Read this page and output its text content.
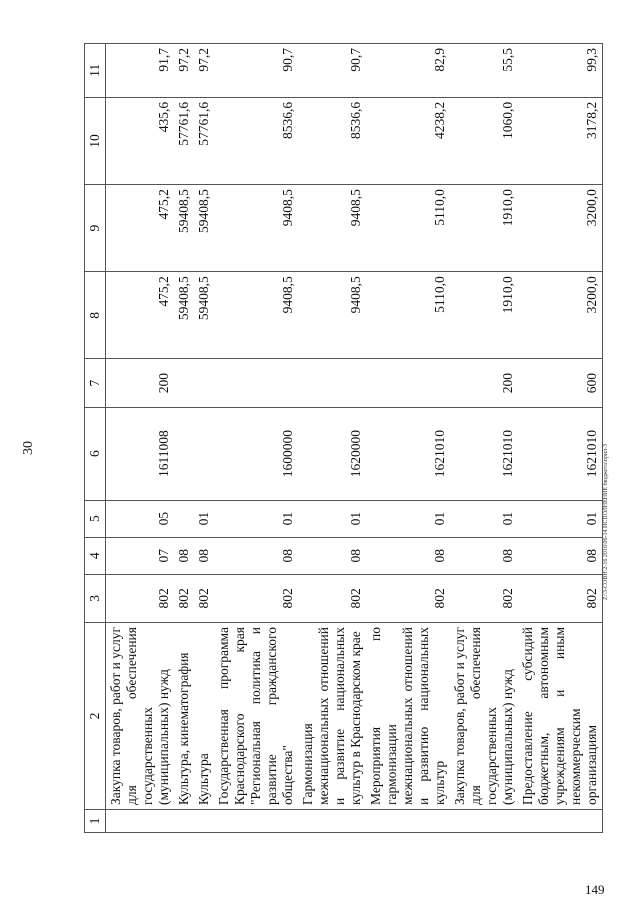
30
149
Z:\3-COBH\2-16 2016\06-14 ИСПОЛНЕНИЕ бюджета\прил-3
1	2	3	4	5	6	7	8	9	10	11
	Закупка товаров, работ и услуг для обеспечения государственных (муниципальных) нужд	802	07	05	1611008	200	475,2	475,2	435,6	91,7
	Культура, кинематография	802	08				59408,5	59408,5	57761,6	97,2
	Культура	802	08	01			59408,5	59408,5	57761,6	97,2
	Государственная программа Краснодарского края "Региональная политика и развитие гражданского общества"	802	08	01	1600000		9408,5	9408,5	8536,6	90,7
	Гармонизация межнациональных отношений и развитие национальных культур в Краснодарском крае	802	08	01	1620000		9408,5	9408,5	8536,6	90,7
	Мероприятия по гармонизации межнациональных отношений и развитию национальных культур	802	08	01	1621010		5110,0	5110,0	4238,2	82,9
	Закупка товаров, работ и услуг для обеспечения государственных (муниципальных) нужд	802	08	01	1621010	200	1910,0	1910,0	1060,0	55,5
	Предоставление субсидий бюджетным, автономным учреждениям и иным некоммерческим организациям	802	08	01	1621010	600	3200,0	3200,0	3178,2	99,3
